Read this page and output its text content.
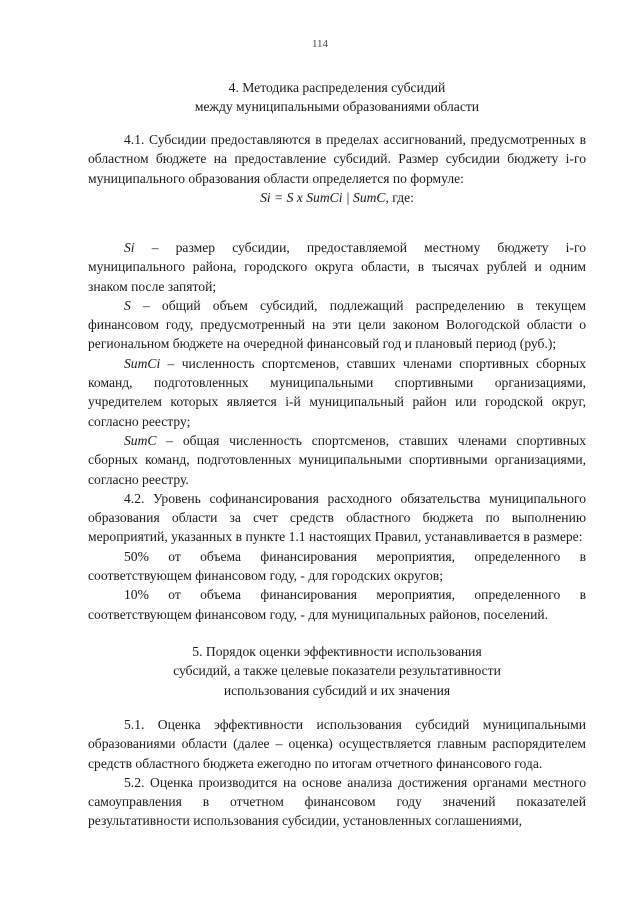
114
4. Методика распределения субсидий
между муниципальными образованиями области

4.1. Субсидии предоставляются в пределах ассигнований, предусмотренных в областном бюджете на предоставление субсидий. Размер субсидии бюджету i-го муниципального образования области определяется по формуле:

Si = S x SumCi | SumC, где:

Si – размер субсидии, предоставляемой местному бюджету i-го муниципального района, городского округа области, в тысячах рублей и одним знаком после запятой;

S – общий объем субсидий, подлежащий распределению в текущем финансовом году, предусмотренный на эти цели законом Вологодской области о региональном бюджете на очередной финансовый год и плановый период (руб.);

SumCi – численность спортсменов, ставших членами спортивных сборных команд, подготовленных муниципальными спортивными организациями, учредителем которых является i-й муниципальный район или городской округ, согласно реестру;

SumC – общая численность спортсменов, ставших членами спортивных сборных команд, подготовленных муниципальными спортивными организациями, согласно реестру.

4.2. Уровень софинансирования расходного обязательства муниципального образования области за счет средств областного бюджета по выполнению мероприятий, указанных в пункте 1.1 настоящих Правил, устанавливается в размере:

50% от объема финансирования мероприятия, определенного в соответствующем финансовом году, - для городских округов;

10% от объема финансирования мероприятия, определенного в соответствующем финансовом году, - для муниципальных районов, поселений.

5. Порядок оценки эффективности использования
субсидий, а также целевые показатели результативности
использования субсидий и их значения

5.1. Оценка эффективности использования субсидий муниципальными образованиями области (далее – оценка) осуществляется главным распорядителем средств областного бюджета ежегодно по итогам отчетного финансового года.

5.2. Оценка производится на основе анализа достижения органами местного самоуправления в отчетном финансовом году значений показателей результативности использования субсидии, установленных соглашениями,
